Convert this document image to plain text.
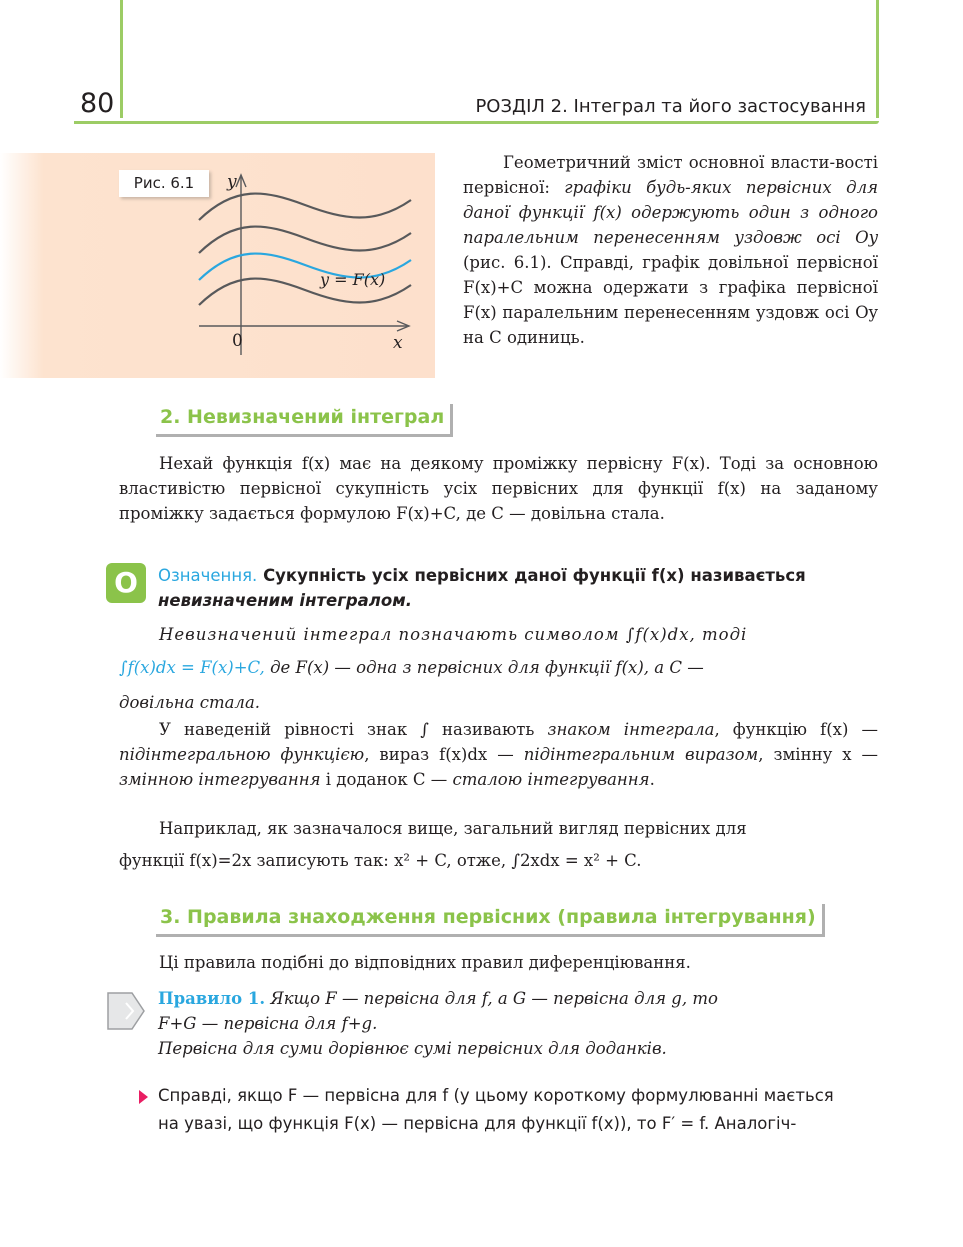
80	РОЗДІЛ 2. Інтеграл та його застосування
Рис. 6.1	y
x
0
y = F(x)
Геометричний зміст основної власти-вості первісної: графіки будь-яких первісних для даної функції f(x) одержують один з одного паралельним перенесенням уздовж осі Oy (рис. 6.1). Справді, графік довільної первісної F(x)+C можна одержати з графіка первісної F(x) паралельним перенесенням уздовж осі Oy на C одиниць.
2. Невизначений інтеграл
Нехай функція f(x) має на деякому проміжку первісну F(x). Тоді за основною властивістю первісної сукупність усіх первісних для функції f(x) на заданому проміжку задається формулою F(x)+C, де C — довільна стала.
О	Означення. Сукупність усіх первісних даної функції f(x) називається невизначеним інтегралом.
Невизначений інтеграл позначають символом ∫f(x)dx, тоді
∫f(x)dx = F(x)+C, де F(x) — одна з первісних для функції f(x), а C —
довільна стала.
У наведеній рівності знак ∫ називають знаком інтеграла, функцію f(x) — підінтегральною функцією, вираз f(x)dx — підінтегральним виразом, змінну x — змінною інтегрування і доданок C — сталою інтегрування.
Наприклад, як зазначалося вище, загальний вигляд первісних для
функції f(x)=2x записують так: x² + C, отже, ∫2xdx = x² + C.
3. Правила знаходження первісних (правила інтегрування)
Ці правила подібні до відповідних правил диференціювання.
Правило 1. Якщо F — первісна для f, а G — первісна для g, то
F+G — первісна для f+g.
Первісна для суми дорівнює сумі первісних для доданків.
Справді, якщо F — первісна для f (у цьому короткому формулюванні мається
на увазі, що функція F(x) — первісна для функції f(x)), то F′ = f. Аналогіч-
